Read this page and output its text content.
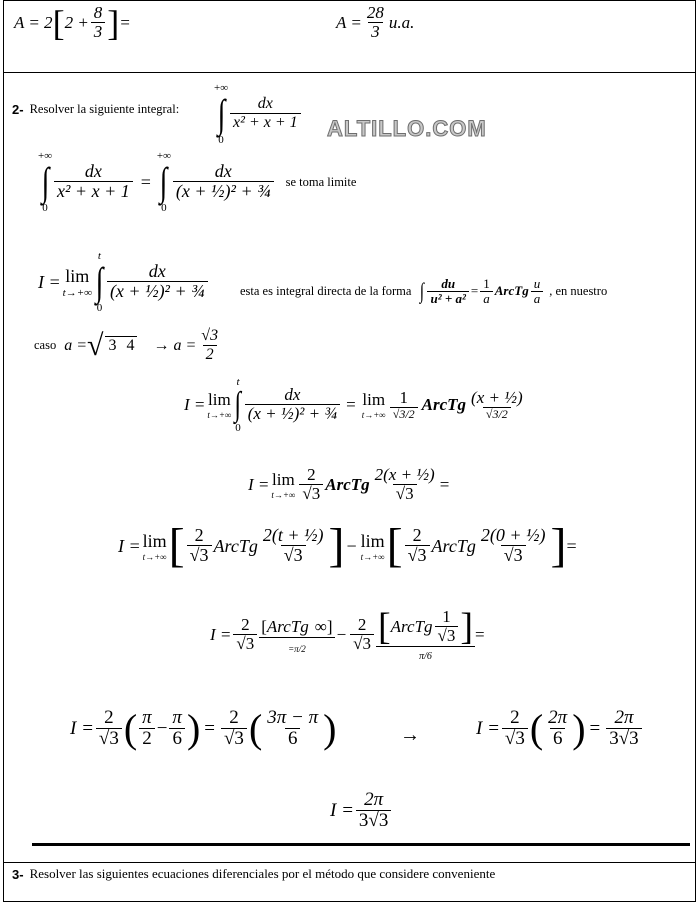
A = 2 [ $2 + \frac{8}{3}$ ] =	$A = \frac{28}{3} u.a$.
2- Resolver la siguiente integral:
+∞
∫
0
$\frac{dx}{\text{x² + x + 1}}$ ALTILLO.COM
+∞
∫
0
$\frac{dx}{\text{x² + x + 1}}$ =
+∞
∫
0
$\frac{dx}{\text{(x + ½)² + ¾}}$ se toma limite
I = lim
t→+∞
t
∫
0
$\frac{dx}{\text{(x + ½)² + ¾}}$	esta es integral directa de la forma ∫ $\frac{du}{\text{u² + a²}} = \frac{1}{a}$ ArcTg $\frac{u}{a}$ , en nuestro
caso a = √ 3 $4 \to a = \frac{√3}{2}$
I = lim
t→+∞
t
∫
0
$\frac{dx}{\text{(x + ½)² + ¾}} = \lim$
$t\to+\infty \frac{1}{√3/2}$ ArcTg $\frac{\text{(x + ½)}}{√3/2}$
I = lim
$t\to+\infty \frac{2}{√3}$ ArcTg $\frac{\text{2(x + ½)}}{√3}$ =
I = lim
t→+∞ [ $\frac{2}{√3}$ ArcTg $\frac{\text{2(t + ½)}}{√3}$ ] − lim
t→+∞ [ $\frac{2}{√3}$ ArcTg $\frac{\text{2(0 + ½)}}{√3}$ ] =
$I = \frac{2}{√3}$ [ ArcTg ∞ ]
=π/2
− $\frac{2}{√3}$ [ ArcTg $\frac{1}{√3}$ ]
π/6
=
$I = \frac{2}{√3}$ ( $\frac{\pi}{2} - \frac{\pi}{6}$ ) = $\frac{2}{√3}$ ( $\frac{3\pi - \pi}{6}$ )	→	$I = \frac{2}{√3}$ ( $\frac{2\pi}{6}$ ) = $\frac{2\pi}{3√3}$
$I = \frac{2\pi}{3√3}$
3- Resolver las siguientes ecuaciones diferenciales por el método que considere conveniente
